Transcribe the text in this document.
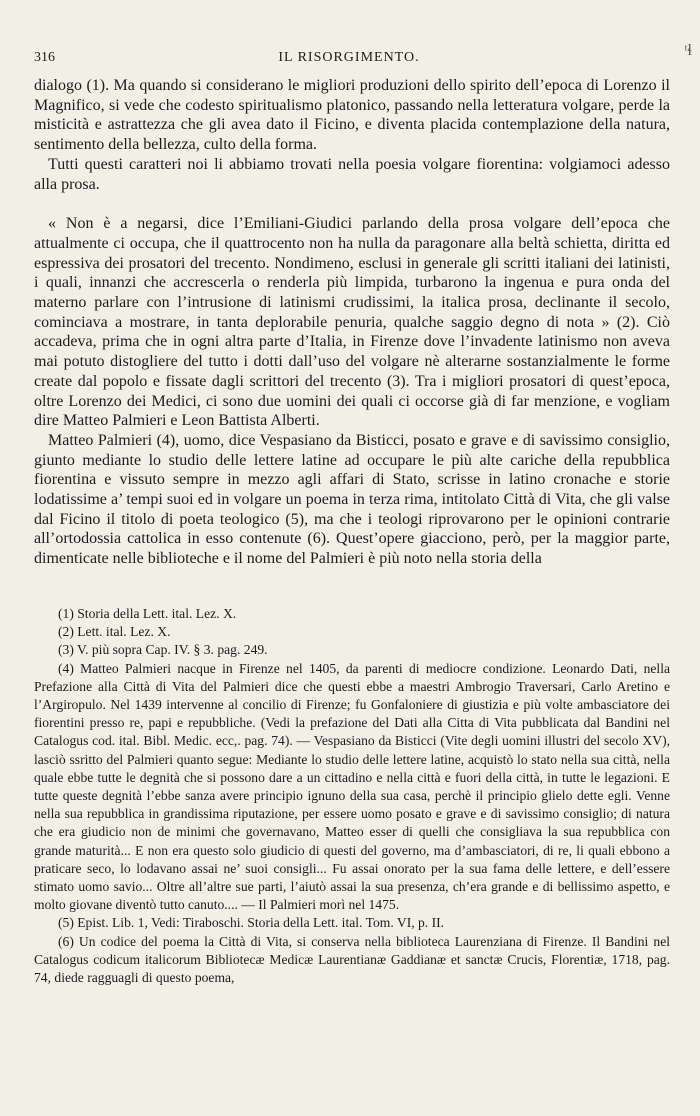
316	IL RISORGIMENTO.	ᵗɬ

dialogo (1). Ma quando si considerano le migliori produzioni dello spirito dell’epoca di Lorenzo il Magnifico, si vede che codesto spiritualismo platonico, passando nella letteratura volgare, perde la misticità e astrattezza che gli avea dato il Ficino, e diventa placida contemplazione della natura, sentimento della bellezza, culto della forma.

Tutti questi caratteri noi li abbiamo trovati nella poesia volgare fiorentina: volgiamoci adesso alla prosa.

« Non è a negarsi, dice l’Emiliani-Giudici parlando della prosa volgare dell’epoca che attualmente ci occupa, che il quattrocento non ha nulla da paragonare alla beltà schietta, diritta ed espressiva dei prosatori del trecento. Nondimeno, esclusi in generale gli scritti italiani dei latinisti, i quali, innanzi che accrescerla o renderla più limpida, turbarono la ingenua e pura onda del materno parlare con l’intrusione di latinismi crudissimi, la italica prosa, declinante il secolo, cominciava a mostrare, in tanta deplorabile penuria, qualche saggio degno di nota » (2). Ciò accadeva, prima che in ogni altra parte d’Italia, in Firenze dove l’invadente latinismo non aveva mai potuto distogliere del tutto i dotti dall’uso del volgare nè alterarne sostanzialmente le forme create dal popolo e fissate dagli scrittori del trecento (3). Tra i migliori prosatori di quest’epoca, oltre Lorenzo dei Medici, ci sono due uomini dei quali ci occorse già di far menzione, e vogliam dire Matteo Palmieri e Leon Battista Alberti.

Matteo Palmieri (4), uomo, dice Vespasiano da Bisticci, posato e grave e di savissimo consiglio, giunto mediante lo studio delle lettere latine ad occupare le più alte cariche della repubblica fiorentina e vissuto sempre in mezzo agli affari di Stato, scrisse in latino cronache e storie lodatissime a’ tempi suoi ed in volgare un poema in terza rima, intitolato Città di Vita, che gli valse dal Ficino il titolo di poeta teologico (5), ma che i teologi riprovarono per le opinioni contrarie all’ortodossia cattolica in esso contenute (6). Quest’opere giacciono, però, per la maggior parte, dimenticate nelle biblioteche e il nome del Palmieri è più noto nella storia della

(1) Storia della Lett. ital. Lez. X.

(2) Lett. ital. Lez. X.

(3) V. più sopra Cap. IV. § 3. pag. 249.

(4) Matteo Palmieri nacque in Firenze nel 1405, da parenti di mediocre condizione. Leonardo Dati, nella Prefazione alla Città di Vita del Palmieri dice che questi ebbe a maestri Ambrogio Traversari, Carlo Aretino e l’Argiropulo. Nel 1439 intervenne al concilio di Firenze; fu Gonfaloniere di giustizia e più volte ambasciatore dei fiorentini presso re, papi e repubbliche. (Vedi la prefazione del Dati alla Citta di Vita pubblicata dal Bandini nel Catalogus cod. ital. Bibl. Medic. ecc,. pag. 74). — Vespasiano da Bisticci (Vite degli uomini illustri del secolo XV), lasciò ssritto del Palmieri quanto segue: Mediante lo studio delle lettere latine, acquistò lo stato nella sua città, nella quale ebbe tutte le degnità che si possono dare a un cittadino e nella città e fuori della città, in tutte le legazioni. E tutte queste degnità l’ebbe sanza avere principio ignuno della sua casa, perchè il principio glielo dette egli. Venne nella sua repubblica in grandissima riputazione, per essere uomo posato e grave e di savissimo consiglio; di natura che era giudicio non de minimi che governavano, Matteo esser di quelli che consigliava la sua repubblica con grande maturità... E non era questo solo giudicio di questi del governo, ma d’ambasciatori, di re, li quali ebbono a praticare seco, lo lodavano assai ne’ suoi consigli... Fu assai onorato per la sua fama delle lettere, e dell’essere stimato uomo savio... Oltre all’altre sue parti, l’aiutò assai la sua presenza, ch’era grande e di bellissimo aspetto, e molto giovane diventò tutto canuto.... — Il Palmieri morì nel 1475.

(5) Epist. Lib. 1, Vedi: Tiraboschi. Storia della Lett. ital. Tom. VI, p. II.

(6) Un codice del poema la Città di Vita, si conserva nella biblioteca Laurenziana di Firenze. Il Bandini nel Catalogus codicum italicorum Bibliotecæ Medicæ Laurentianæ Gaddianæ et sanctæ Crucis, Florentiæ, 1718, pag. 74, diede ragguagli di questo poema,
